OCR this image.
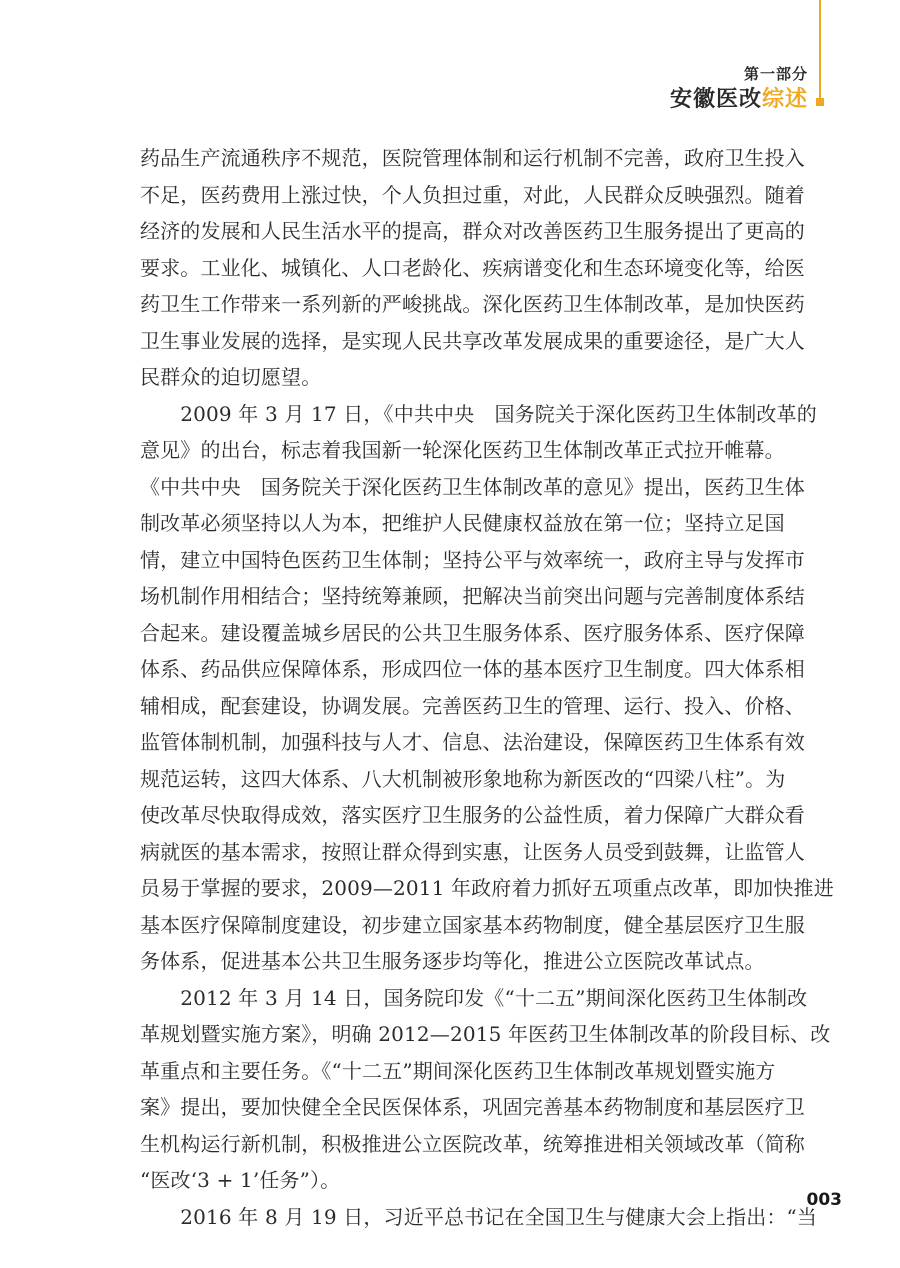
第一部分
安徽医改综述
药品生产流通秩序不规范，医院管理体制和运行机制不完善，政府卫生投入
不足，医药费用上涨过快，个人负担过重，对此，人民群众反映强烈。随着
经济的发展和人民生活水平的提高，群众对改善医药卫生服务提出了更高的
要求。工业化、城镇化、人口老龄化、疾病谱变化和生态环境变化等，给医
药卫生工作带来一系列新的严峻挑战。深化医药卫生体制改革，是加快医药
卫生事业发展的选择，是实现人民共享改革发展成果的重要途径，是广大人
民群众的迫切愿望。
　　2009 年 3 月 17 日，《中共中央　国务院关于深化医药卫生体制改革的
意见》的出台，标志着我国新一轮深化医药卫生体制改革正式拉开帷幕。
《中共中央　国务院关于深化医药卫生体制改革的意见》提出，医药卫生体
制改革必须坚持以人为本，把维护人民健康权益放在第一位；坚持立足国
情，建立中国特色医药卫生体制；坚持公平与效率统一，政府主导与发挥市
场机制作用相结合；坚持统筹兼顾，把解决当前突出问题与完善制度体系结
合起来。建设覆盖城乡居民的公共卫生服务体系、医疗服务体系、医疗保障
体系、药品供应保障体系，形成四位一体的基本医疗卫生制度。四大体系相
辅相成，配套建设，协调发展。完善医药卫生的管理、运行、投入、价格、
监管体制机制，加强科技与人才、信息、法治建设，保障医药卫生体系有效
规范运转，这四大体系、八大机制被形象地称为新医改的“四梁八柱”。为
使改革尽快取得成效，落实医疗卫生服务的公益性质，着力保障广大群众看
病就医的基本需求，按照让群众得到实惠，让医务人员受到鼓舞，让监管人
员易于掌握的要求，2009—2011 年政府着力抓好五项重点改革，即加快推进
基本医疗保障制度建设，初步建立国家基本药物制度，健全基层医疗卫生服
务体系，促进基本公共卫生服务逐步均等化，推进公立医院改革试点。
　　2012 年 3 月 14 日，国务院印发《“十二五”期间深化医药卫生体制改
革规划暨实施方案》，明确 2012—2015 年医药卫生体制改革的阶段目标、改
革重点和主要任务。《“十二五”期间深化医药卫生体制改革规划暨实施方
案》提出，要加快健全全民医保体系，巩固完善基本药物制度和基层医疗卫
生机构运行新机制，积极推进公立医院改革，统筹推进相关领域改革（简称
“医改‘3 + 1’任务”）。
　　2016 年 8 月 19 日，习近平总书记在全国卫生与健康大会上指出：“当
003
